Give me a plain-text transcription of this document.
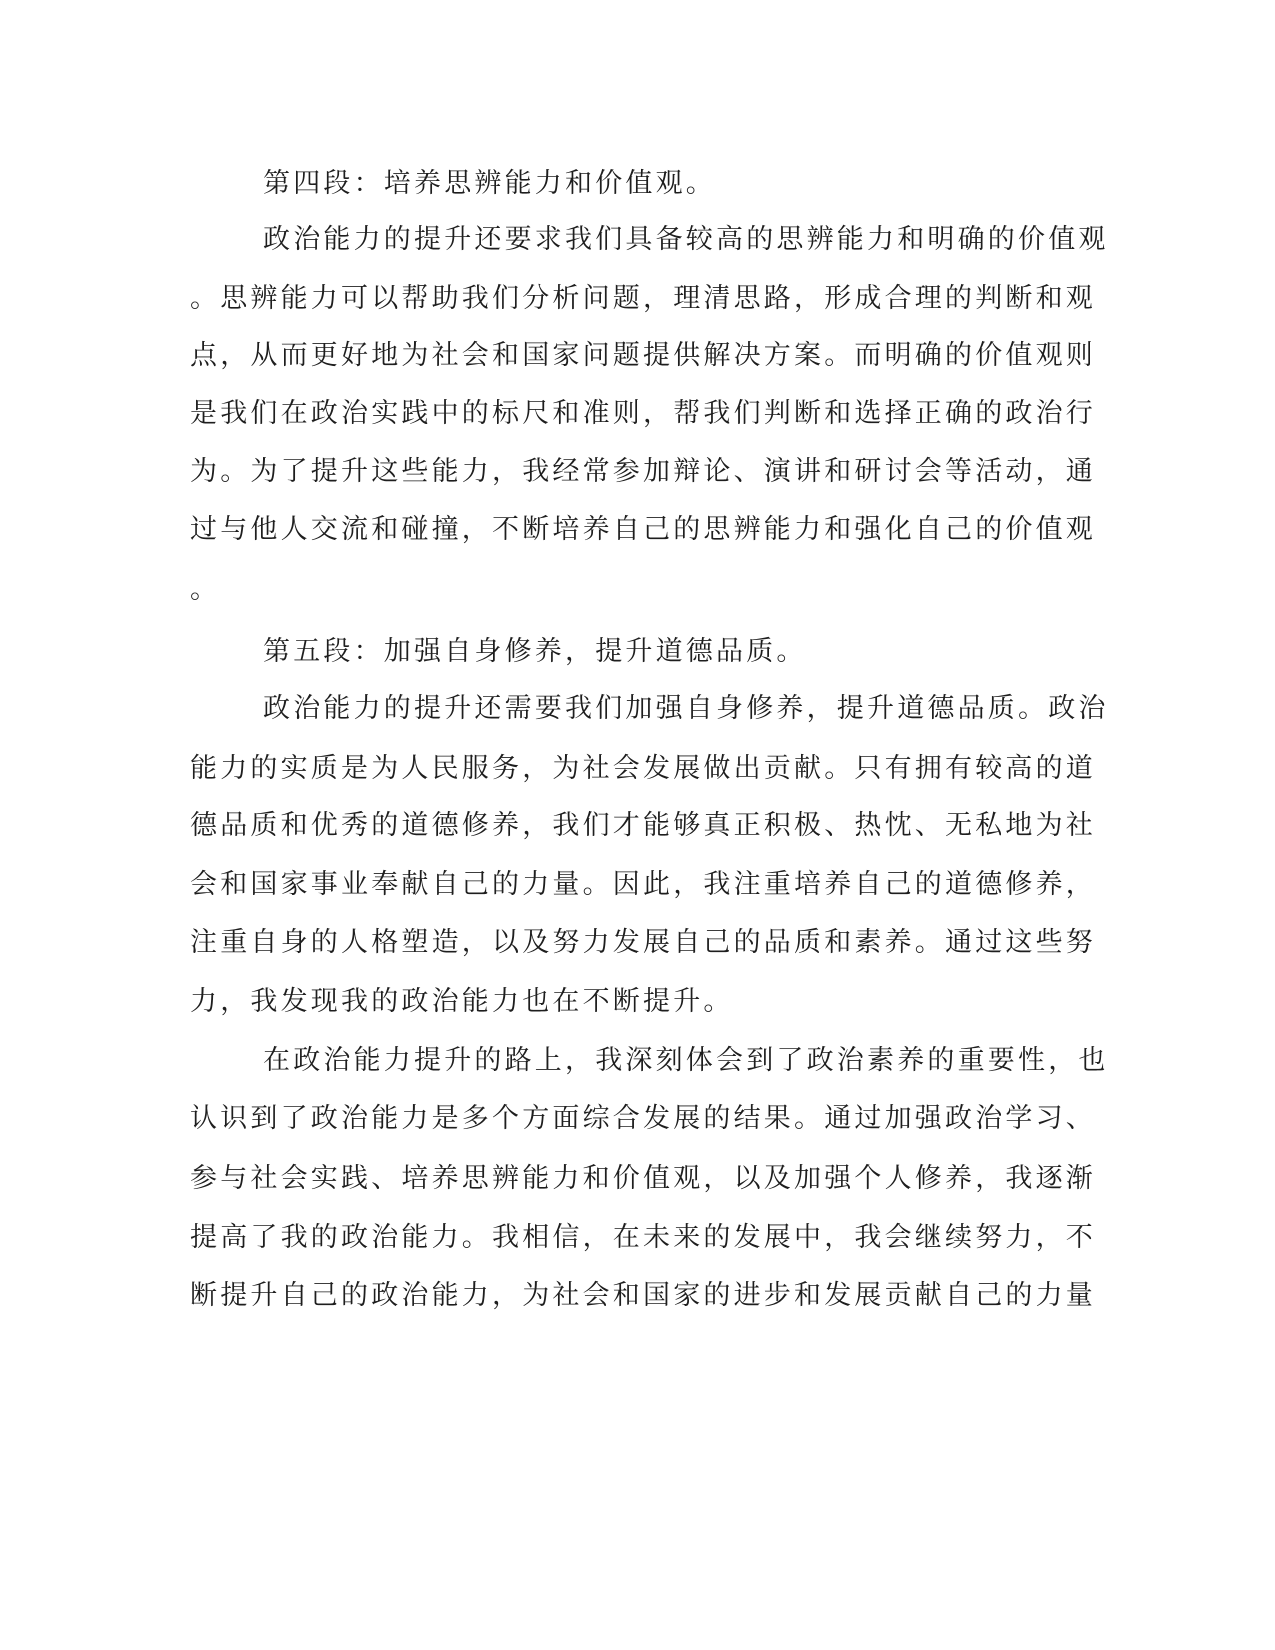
第四段：培养思辨能力和价值观。
政治能力的提升还要求我们具备较高的思辨能力和明确的价值观
。思辨能力可以帮助我们分析问题，理清思路，形成合理的判断和观
点，从而更好地为社会和国家问题提供解决方案。而明确的价值观则
是我们在政治实践中的标尺和准则，帮我们判断和选择正确的政治行
为。为了提升这些能力，我经常参加辩论、演讲和研讨会等活动，通
过与他人交流和碰撞，不断培养自己的思辨能力和强化自己的价值观
。
第五段：加强自身修养，提升道德品质。
政治能力的提升还需要我们加强自身修养，提升道德品质。政治
能力的实质是为人民服务，为社会发展做出贡献。只有拥有较高的道
德品质和优秀的道德修养，我们才能够真正积极、热忱、无私地为社
会和国家事业奉献自己的力量。因此，我注重培养自己的道德修养，
注重自身的人格塑造，以及努力发展自己的品质和素养。通过这些努
力，我发现我的政治能力也在不断提升。
在政治能力提升的路上，我深刻体会到了政治素养的重要性，也
认识到了政治能力是多个方面综合发展的结果。通过加强政治学习、
参与社会实践、培养思辨能力和价值观，以及加强个人修养，我逐渐
提高了我的政治能力。我相信，在未来的发展中，我会继续努力，不
断提升自己的政治能力，为社会和国家的进步和发展贡献自己的力量
